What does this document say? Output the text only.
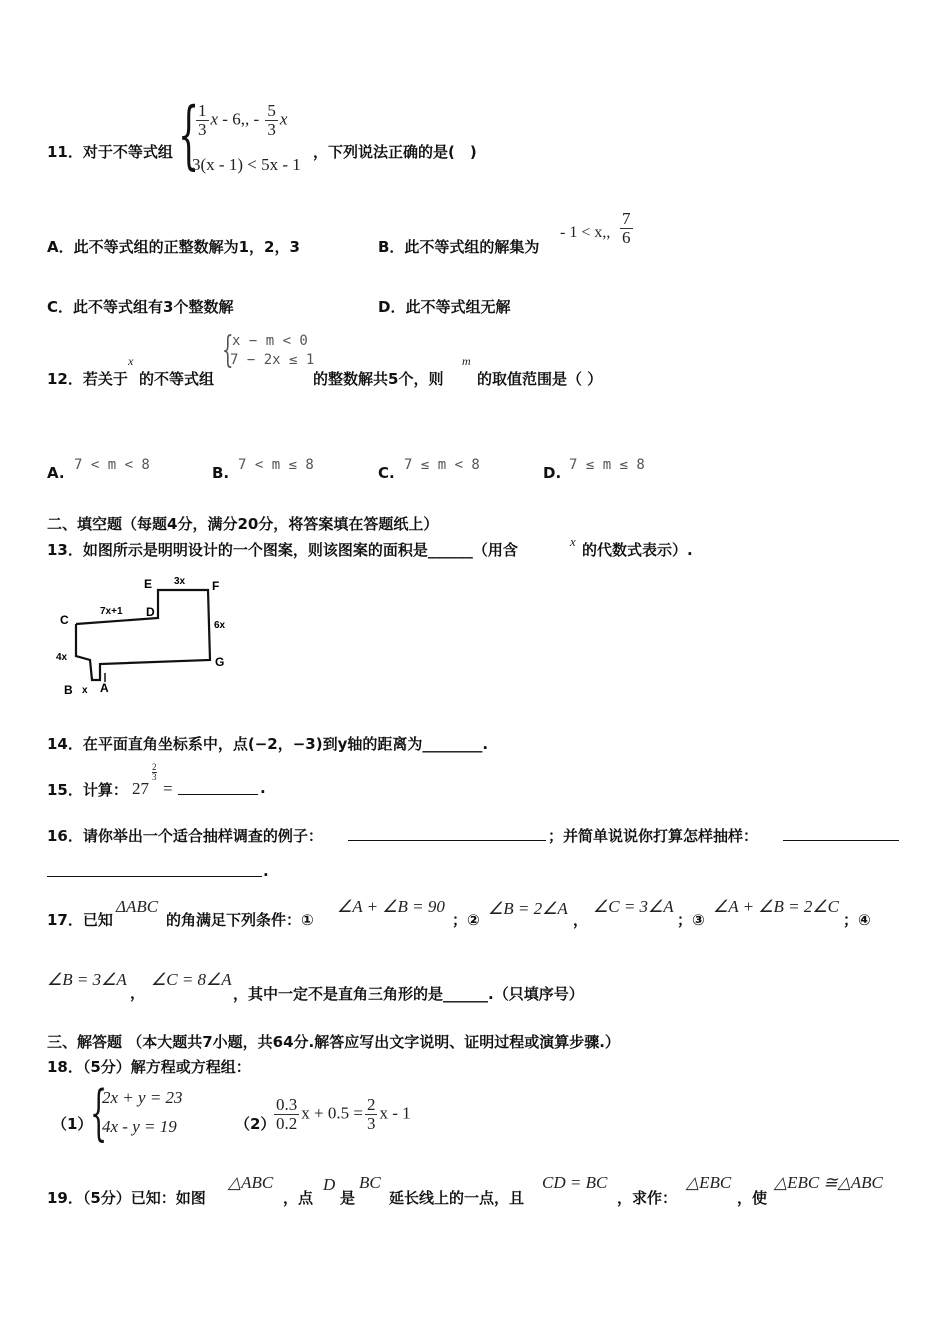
11．对于不等式组 {
$\frac{1}{3}$ x - 6,, - $\frac{5}{3}$ x
3(x - 1) < 5x - 1
，下列说法正确的是(　)
A．此不等式组的正整数解为1，2，3	B．此不等式组的解集为
- 1 < x,, $\frac{7}{6}$
C．此不等式组有3个整数解	D．此不等式组无解
12．若关于
x
的不等式组
{
x − m < 0
7 − 2x ≤ 1
的整数解共5个，则
m
的取值范围是（ ）
A. 7 < m < 8	B. 7 < m ≤ 8	C. 7 ≤ m < 8	D. 7 ≤ m ≤ 8
二、填空题（每题4分，满分20分，将答案填在答题纸上）
13．如图所示是明明设计的一个图案，则该图案的面积是______（用含	x 的代数式表示）.
E	F
C
D
G
B A
x
3x
7x+1
6x
4x
14．在平面直角坐标系中，点(−2，−3)到y轴的距离为________.
15．计算： 27
2
3
=	.
16．请你举出一个适合抽样调查的例子：	；并简单说说你打算怎样抽样：
.
17．已知
ΔABC
的角满足下列条件：①
∠A + ∠B = 90
；②
∠B = 2∠A
，
∠C = 3∠A
；③
∠A + ∠B = 2∠C
；④
∠B = 3∠A
，
∠C = 8∠A
，其中一定不是直角三角形的是______.（只填序号）
三、解答题 （本大题共7小题，共64分.解答应写出文字说明、证明过程或演算步骤.）
18．（5分）解方程或方程组：
（1）
{
2x + y = 23
4x - y = 19	（2）
$\frac{0.3}{0.2}$ $x + 0.5 = \frac{2}{3}$ x - 1
19．（5分）已知：如图
△ABC
，点
D
是
BC
延长线上的一点，且
CD = BC
，求作：
△EBC
，使
△EBC ≅△ABC
